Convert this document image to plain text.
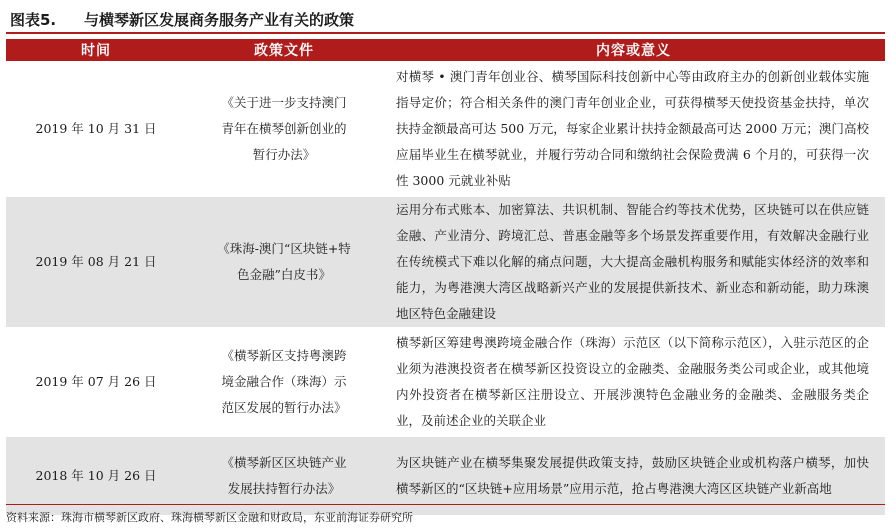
图表5. 与横琴新区发展商务服务产业有关的政策
时间	政策文件	内容或意义
2019 年 10 月 31 日	《关于进一步支持澳门青年在横琴创新创业的暂行办法》	对横琴 • 澳门青年创业谷、横琴国际科技创新中心等由政府主办的创新创业载体实施指导定价；符合相关条件的澳门青年创业企业，可获得横琴天使投资基金扶持，单次扶持金额最高可达 500 万元，每家企业累计扶持金额最高可达 2000 万元；澳门高校应届毕业生在横琴就业，并履行劳动合同和缴纳社会保险费满 6 个月的，可获得一次性 3000 元就业补贴
2019 年 08 月 21 日	《珠海-澳门“区块链+特色金融”白皮书》	运用分布式账本、加密算法、共识机制、智能合约等技术优势，区块链可以在供应链金融、产业清分、跨境汇总、普惠金融等多个场景发挥重要作用，有效解决金融行业在传统模式下难以化解的痛点问题，大大提高金融机构服务和赋能实体经济的效率和能力，为粤港澳大湾区战略新兴产业的发展提供新技术、新业态和新动能，助力珠澳地区特色金融建设
2019 年 07 月 26 日	《横琴新区支持粤澳跨境金融合作（珠海）示范区发展的暂行办法》	横琴新区筹建粤澳跨境金融合作（珠海）示范区（以下简称示范区），入驻示范区的企业须为港澳投资者在横琴新区投资设立的金融类、金融服务类公司或企业，或其他境内外投资者在横琴新区注册设立、开展涉澳特色金融业务的金融类、金融服务类企业，及前述企业的关联企业
2018 年 10 月 26 日	《横琴新区区块链产业发展扶持暂行办法》	为区块链产业在横琴集聚发展提供政策支持，鼓励区块链企业或机构落户横琴，加快横琴新区的“区块链+应用场景”应用示范，抢占粤港澳大湾区区块链产业新高地
资料来源：珠海市横琴新区政府、珠海横琴新区金融和财政局，东亚前海证券研究所
